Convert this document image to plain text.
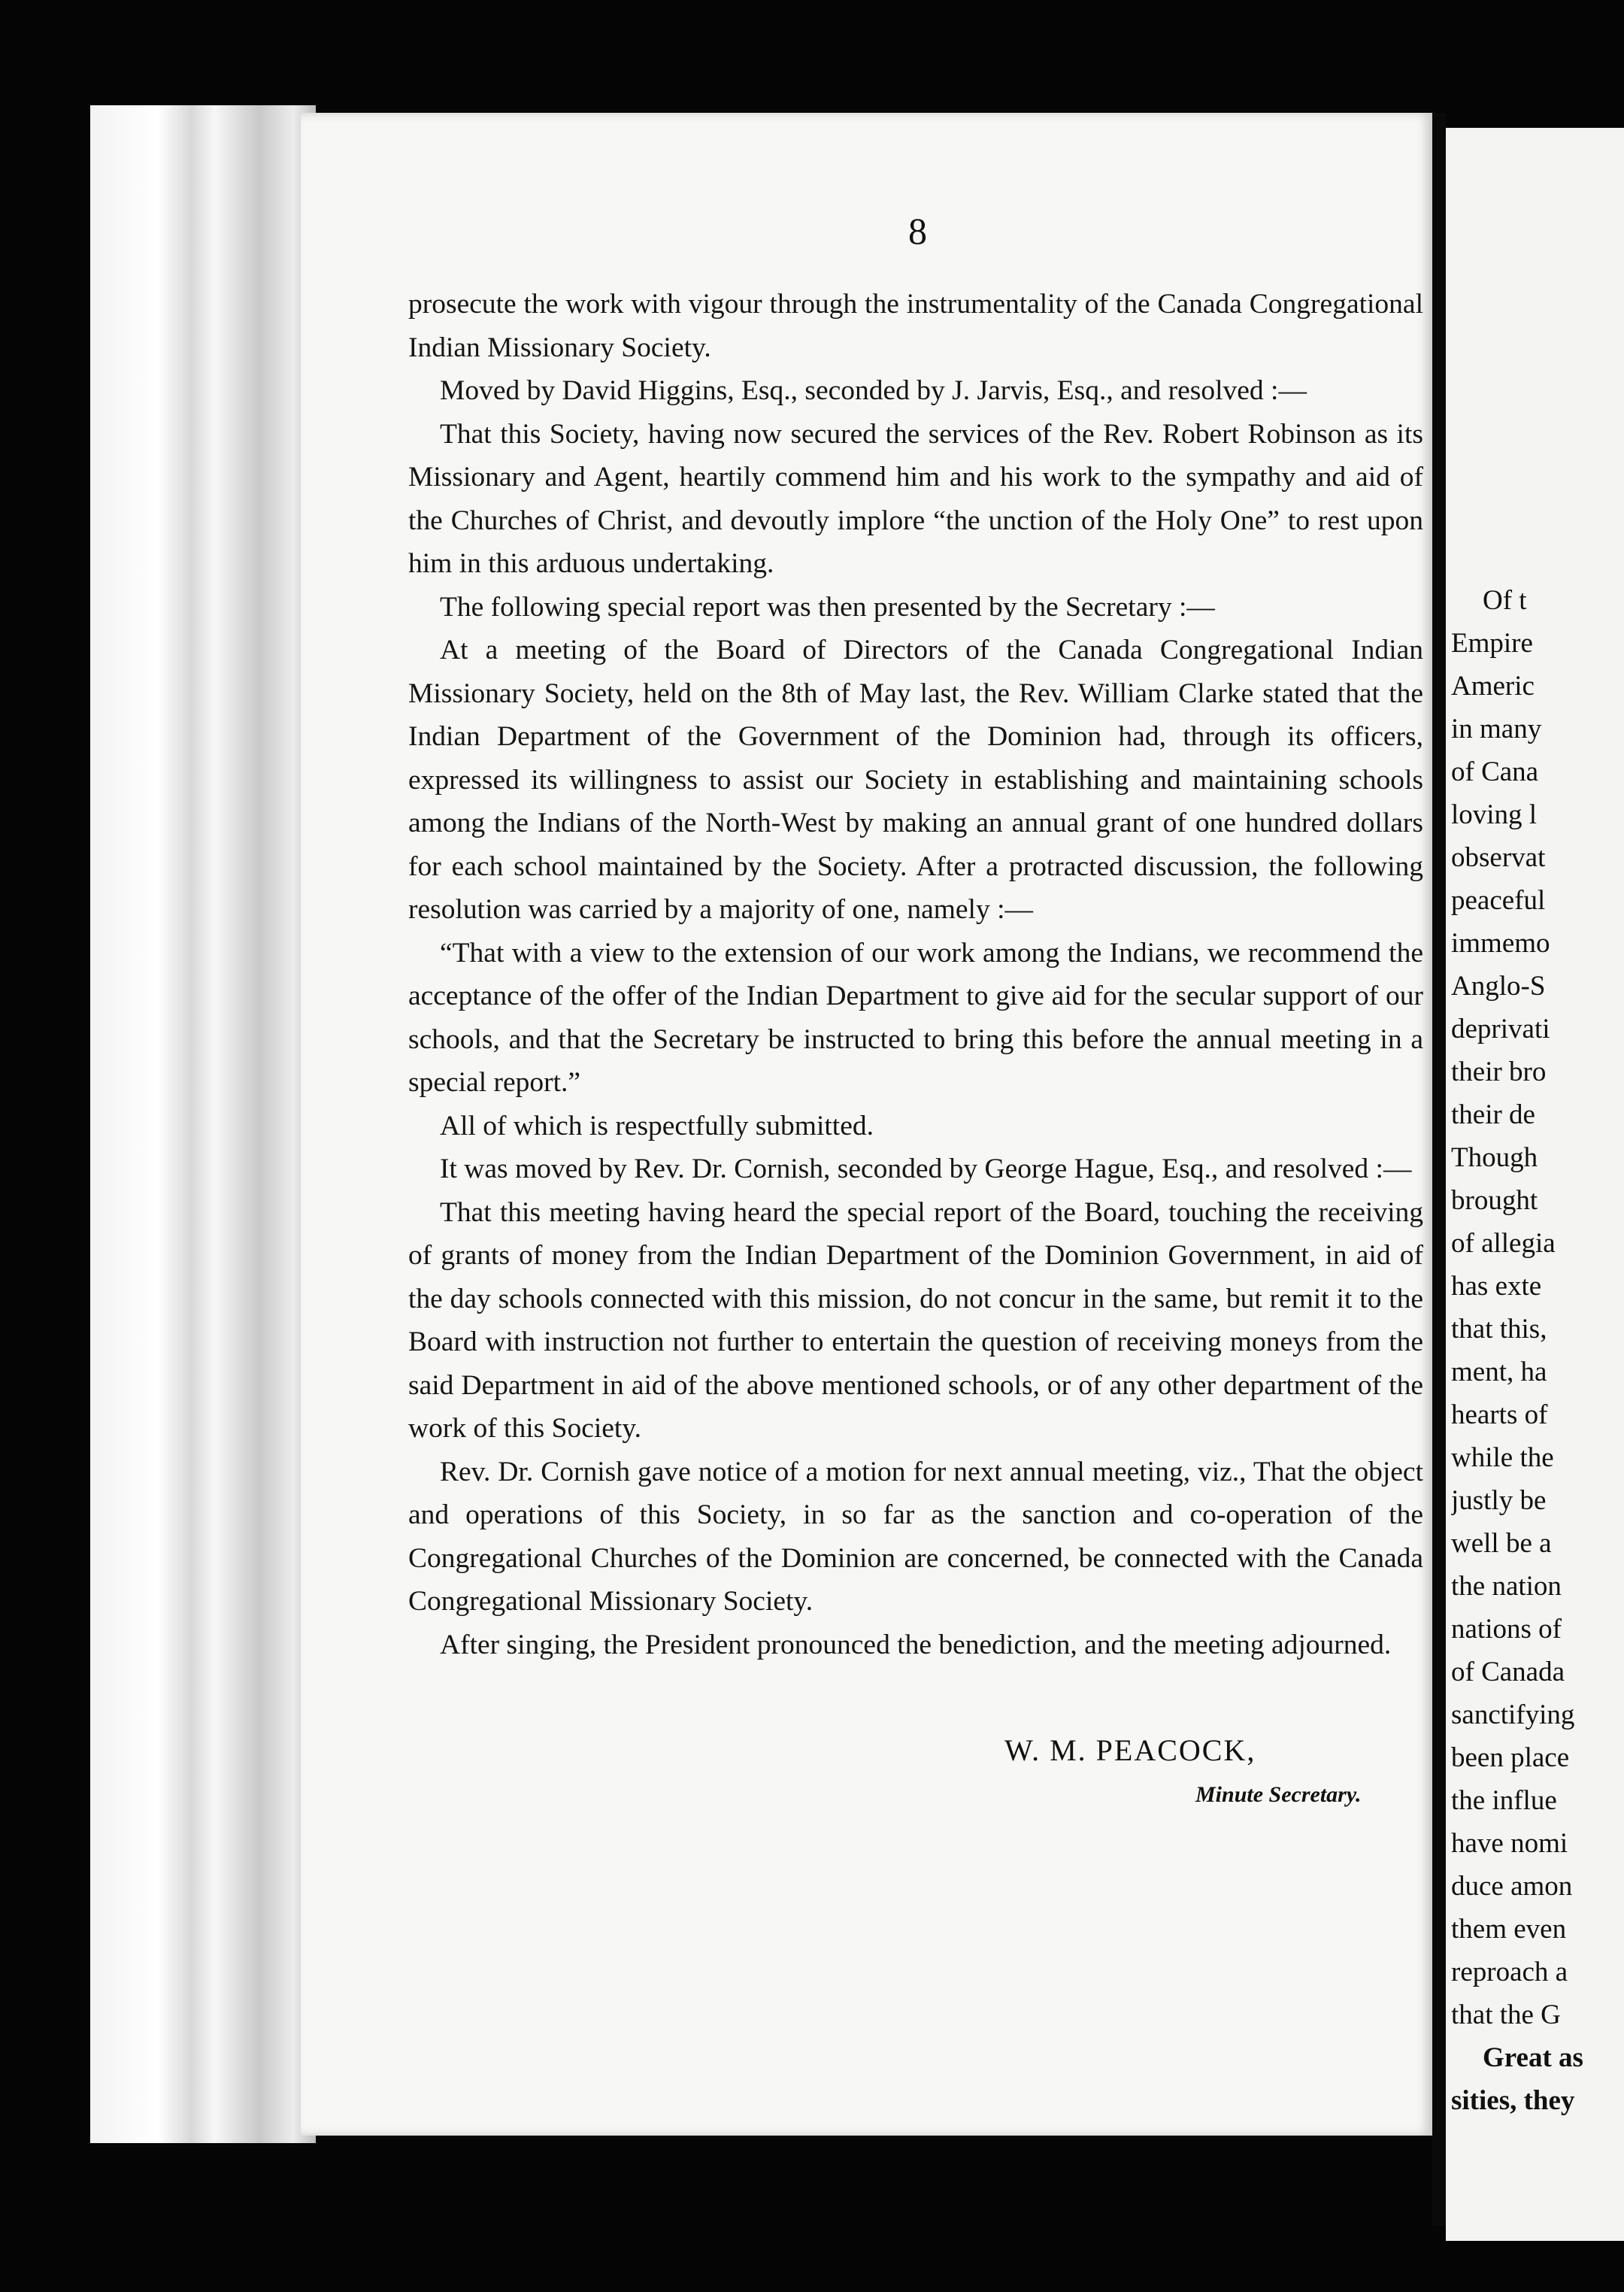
8

prosecute the work with vigour through the instrumentality of the Canada Congregational Indian Missionary Society.

Moved by David Higgins, Esq., seconded by J. Jarvis, Esq., and resolved :—

That this Society, having now secured the services of the Rev. Robert Robinson as its Missionary and Agent, heartily commend him and his work to the sympathy and aid of the Churches of Christ, and devoutly implore “the unction of the Holy One” to rest upon him in this arduous undertaking.

The following special report was then presented by the Secretary :—

At a meeting of the Board of Directors of the Canada Congregational Indian Missionary Society, held on the 8th of May last, the Rev. William Clarke stated that the Indian Department of the Government of the Dominion had, through its officers, expressed its willingness to assist our Society in establishing and maintaining schools among the Indians of the North-West by making an annual grant of one hundred dollars for each school maintained by the Society. After a protracted discussion, the following resolution was carried by a majority of one, namely :—

“That with a view to the extension of our work among the Indians, we recommend the acceptance of the offer of the Indian Department to give aid for the secular support of our schools, and that the Secretary be instructed to bring this before the annual meeting in a special report.”

All of which is respectfully submitted.

It was moved by Rev. Dr. Cornish, seconded by George Hague, Esq., and resolved :—

That this meeting having heard the special report of the Board, touching the receiving of grants of money from the Indian Department of the Dominion Government, in aid of the day schools connected with this mission, do not concur in the same, but remit it to the Board with instruction not further to entertain the question of receiving moneys from the said Department in aid of the above mentioned schools, or of any other department of the work of this Society.

Rev. Dr. Cornish gave notice of a motion for next annual meeting, viz., That the object and operations of this Society, in so far as the sanction and co-operation of the Congregational Churches of the Dominion are concerned, be connected with the Canada Congregational Missionary Society.

After singing, the President pronounced the benediction, and the meeting adjourned.

W. M. PEACOCK,
Minute Secretary.
Of t
Empire
Americ
in many
of Cana
loving l
observat
peaceful
immemo
Anglo-S
deprivati
their bro
their de
Though
brought
of allegia
has exte
that this,
ment, ha
hearts of
while the
justly be
well be a
the nation
nations of
of Canada
sanctifying
been place
the influe
have nomi
duce amon
them even
reproach a
that the G
Great as
sities, they
